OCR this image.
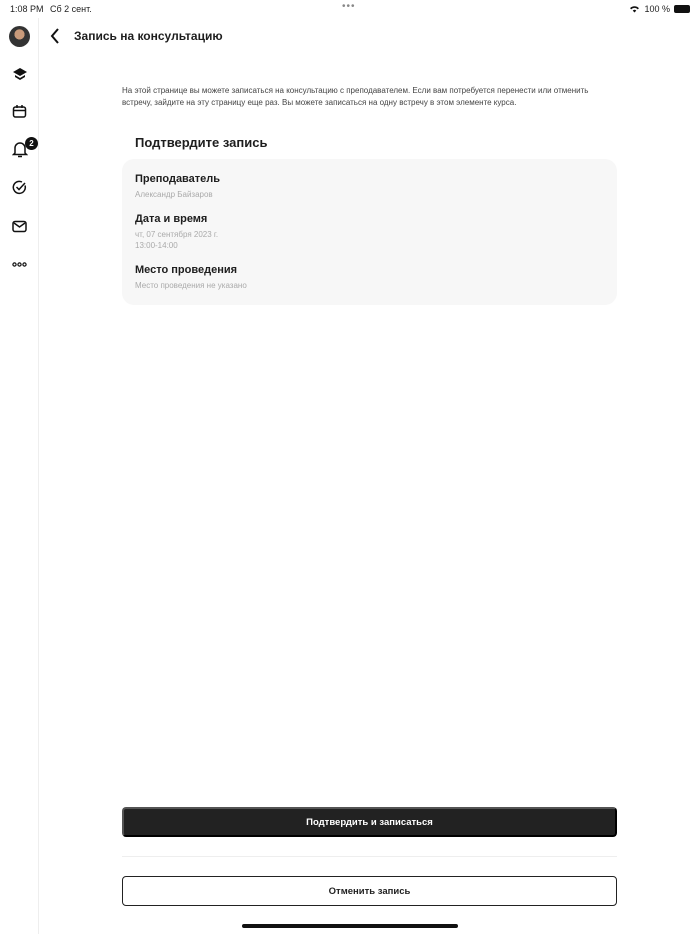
1:08 PM Сб 2 сент.	•••	100 %
2
Запись на консультацию

На этой странице вы можете записаться на консультацию с преподавателем. Если вам потребуется перенести или отменить встречу, зайдите на эту страницу еще раз. Вы можете записаться на одну встречу в этом элементе курса.

Подтвердите запись
Преподаватель
Александр Байзаров
Дата и время
чт, 07 сентября 2023 г.
13:00-14:00
Место проведения
Место проведения не указано
Подтвердить и записаться
Отменить запись
